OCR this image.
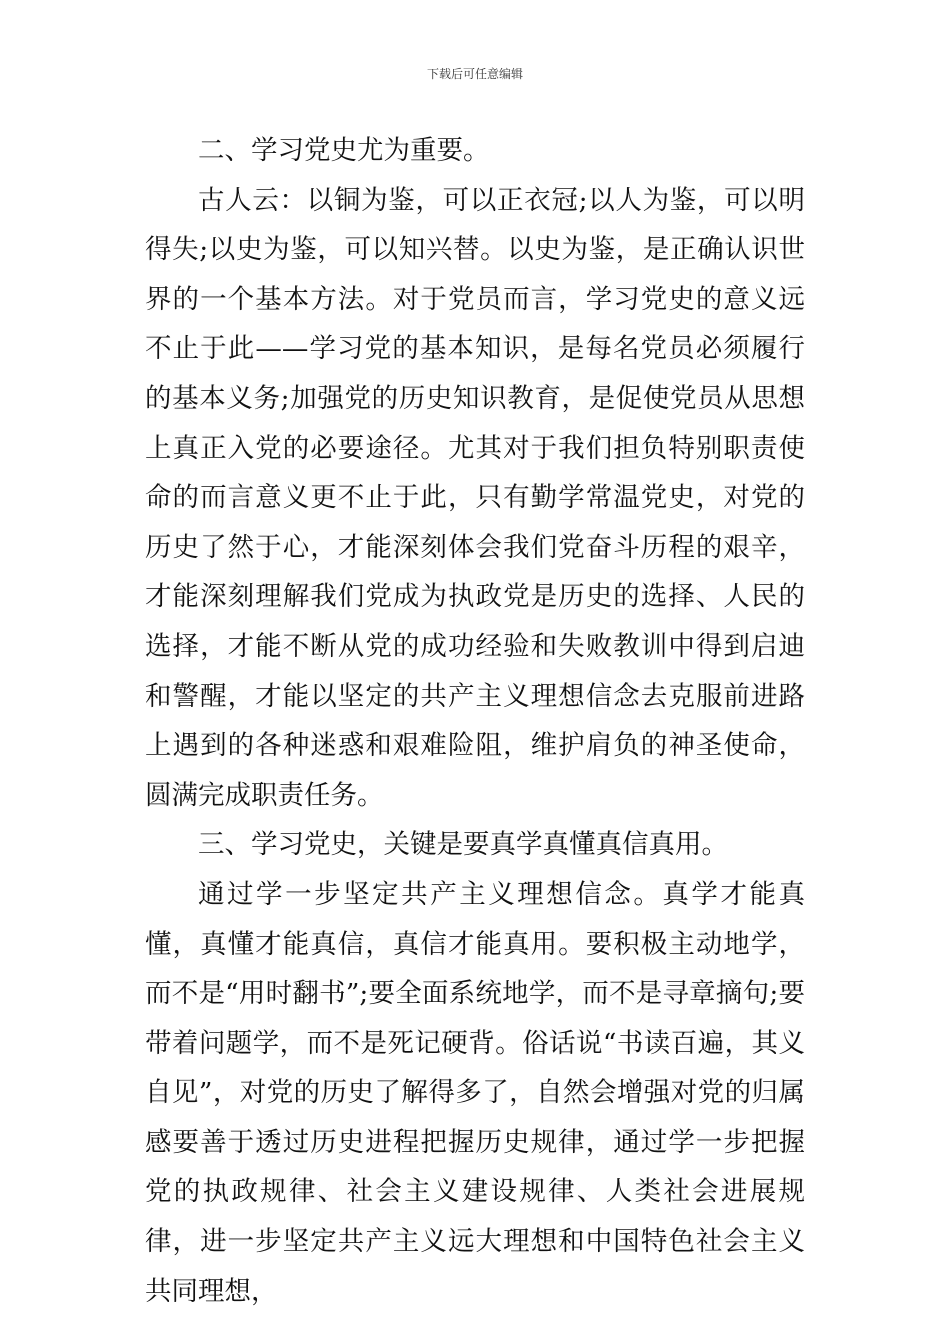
下载后可任意编辑

二、学习党史尤为重要。

古人云：以铜为鉴，可以正衣冠;以人为鉴，可以明得失;以史为鉴，可以知兴替。以史为鉴，是正确认识世界的一个基本方法。对于党员而言，学习党史的意义远不止于此——学习党的基本知识，是每名党员必须履行的基本义务;加强党的历史知识教育，是促使党员从思想上真正入党的必要途径。尤其对于我们担负特别职责使命的而言意义更不止于此，只有勤学常温党史，对党的历史了然于心，才能深刻体会我们党奋斗历程的艰辛，才能深刻理解我们党成为执政党是历史的选择、人民的选择，才能不断从党的成功经验和失败教训中得到启迪和警醒，才能以坚定的共产主义理想信念去克服前进路上遇到的各种迷惑和艰难险阻，维护肩负的神圣使命，圆满完成职责任务。

三、学习党史，关键是要真学真懂真信真用。

通过学一步坚定共产主义理想信念。真学才能真懂，真懂才能真信，真信才能真用。要积极主动地学，而不是“用时翻书”;要全面系统地学，而不是寻章摘句;要带着问题学，而不是死记硬背。俗话说“书读百遍，其义自见”，对党的历史了解得多了，自然会增强对党的归属感要善于透过历史进程把握历史规律，通过学一步把握党的执政规律、社会主义建设规律、人类社会进展规律，进一步坚定共产主义远大理想和中国特色社会主义共同理想，
